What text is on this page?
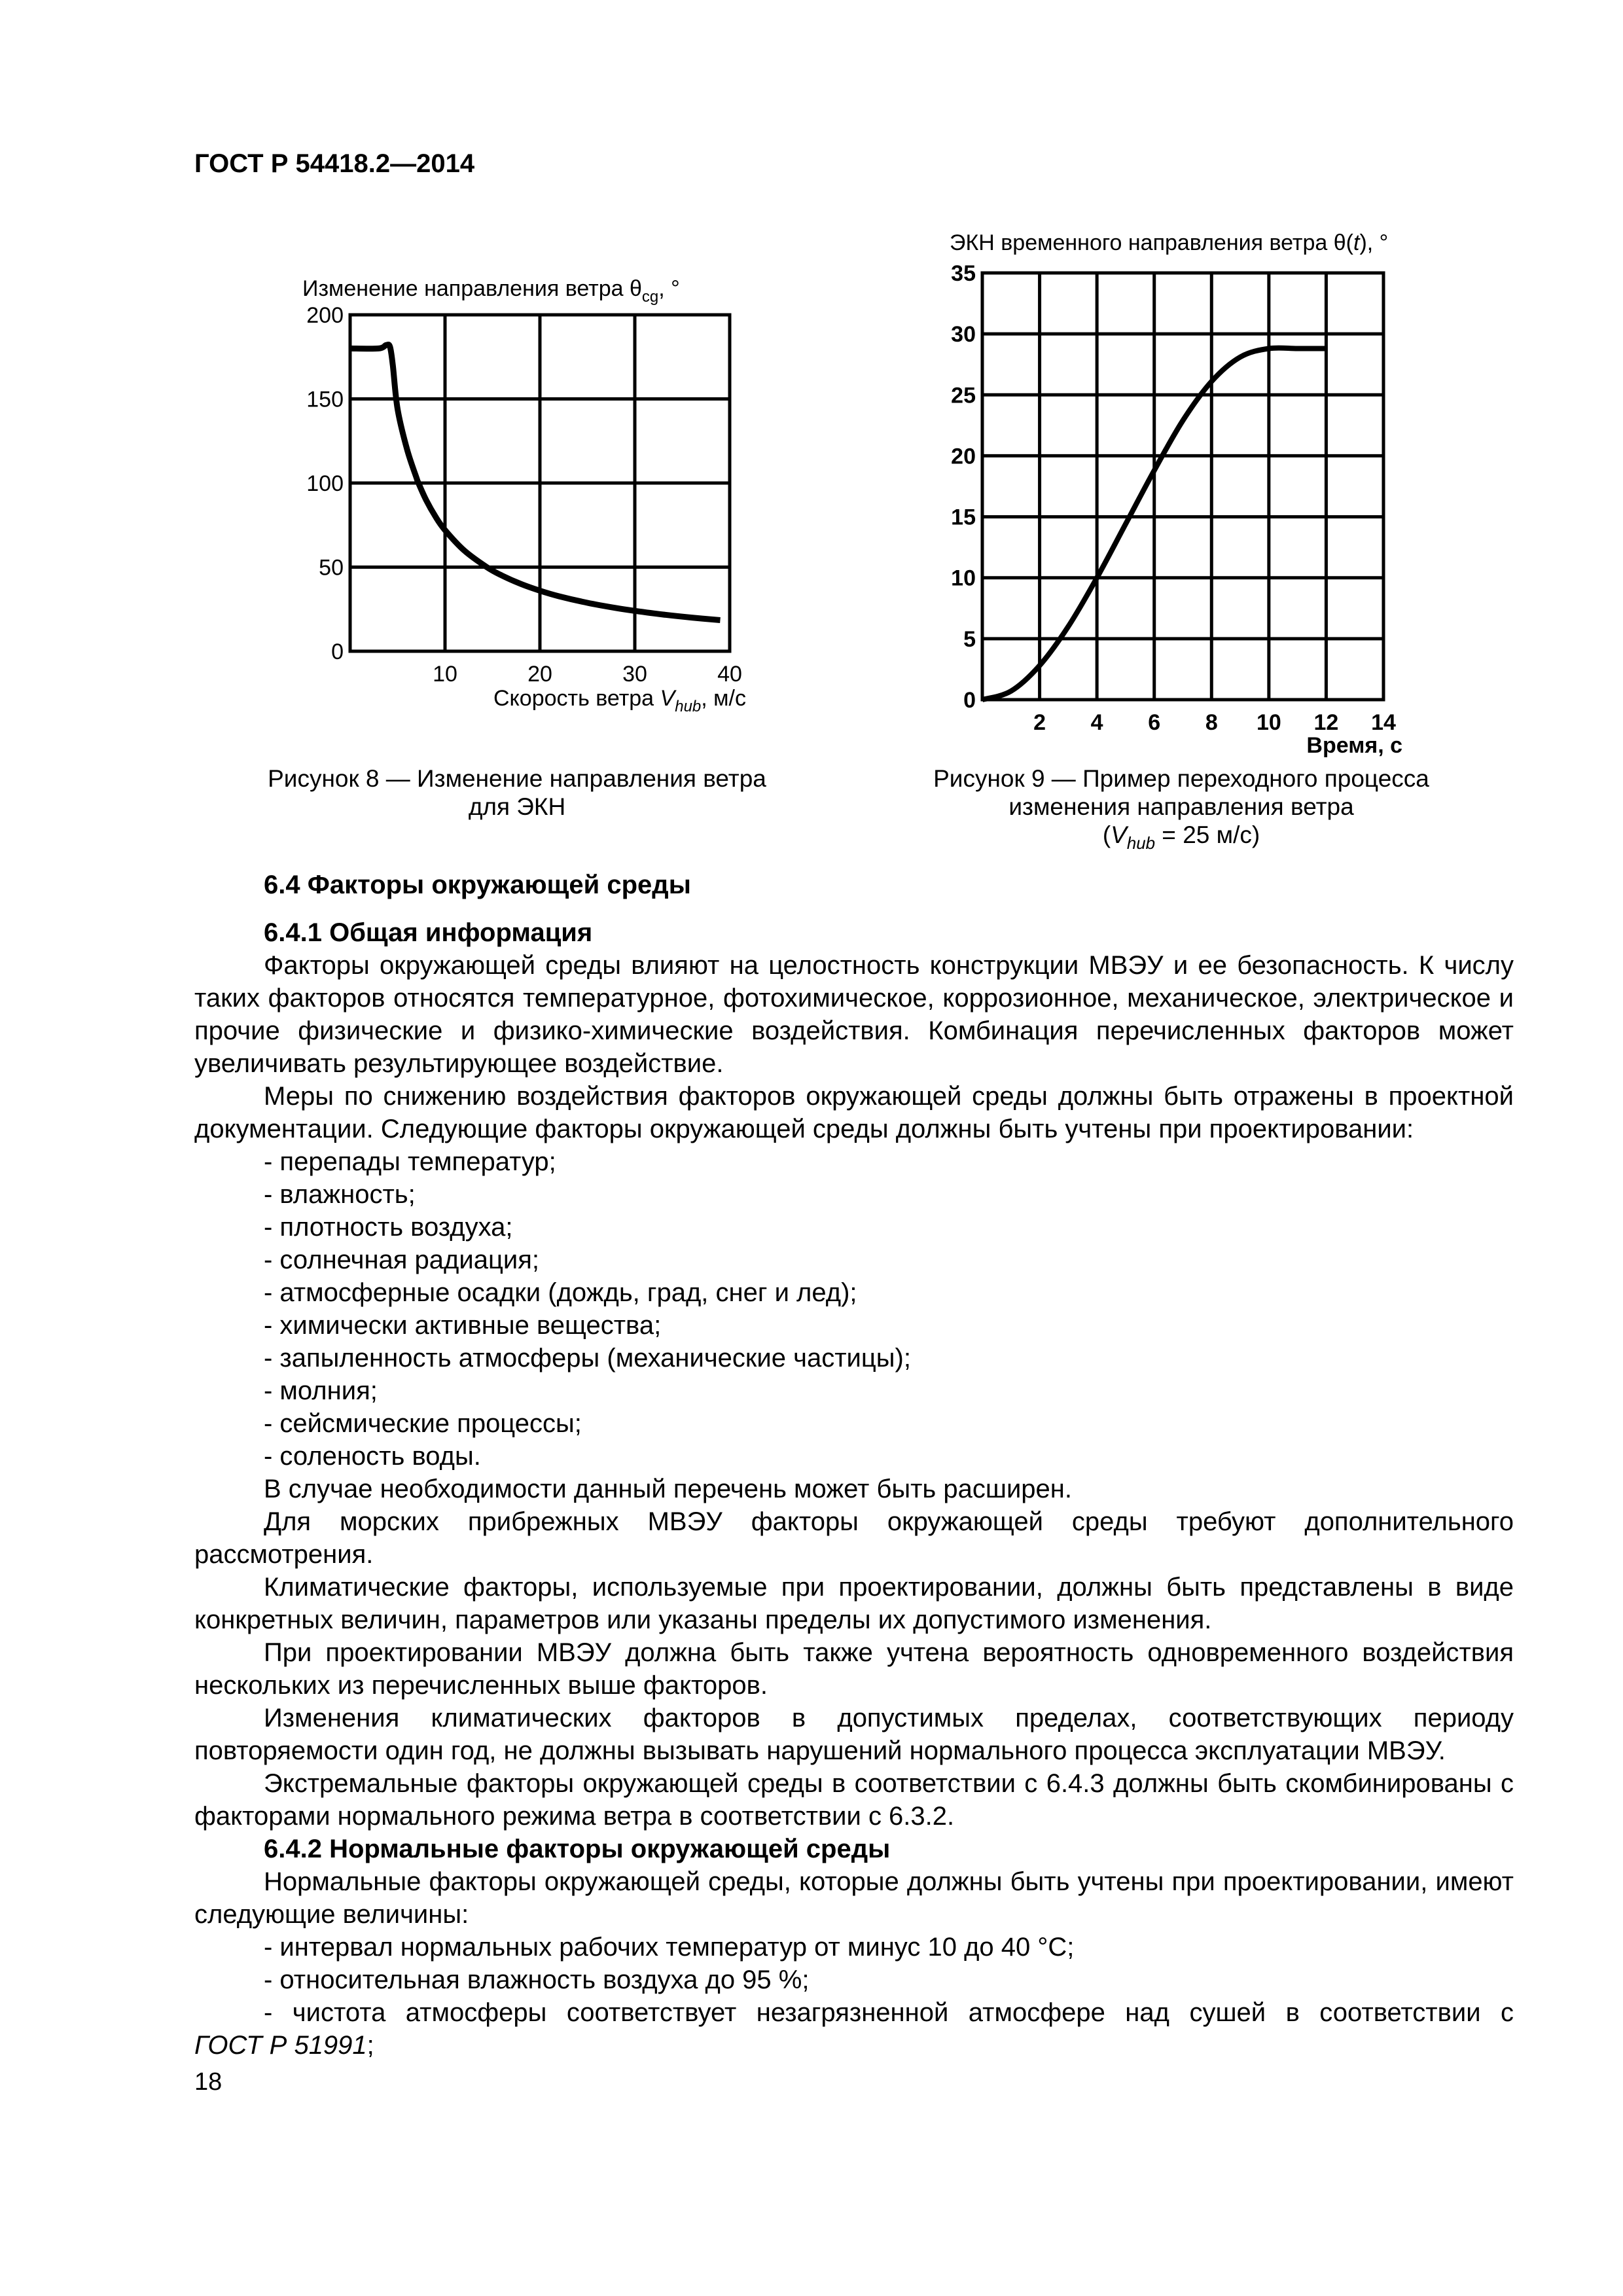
ГОСТ Р 54418.2—2014
Изменение направления ветра $\theta_{cg}$, °
0
50
100
150
200
10	20	30	40
Скорость ветра $V_{hub}$, м/с
ЭКН временного направления ветра θ(t), °
0
5
10
15
20
25
30
35
2 4 6 8 10 12 14
Время, с
Рисунок 8 — Изменение направления ветра
для ЭКН
Рисунок 9 — Пример переходного процесса
изменения направления ветра
($V_{hub} = 25$ м/с)
6.4 Факторы окружающей среды
6.4.1 Общая информация
Факторы окружающей среды влияют на целостность конструкции МВЭУ и ее безопасность. К числу таких факторов относятся температурное, фотохимическое, коррозионное, механическое, электрическое и прочие физические и физико-химические воздействия. Комбинация перечисленных факторов может увеличивать результирующее воздействие.
Меры по снижению воздействия факторов окружающей среды должны быть отражены в проектной документации. Следующие факторы окружающей среды должны быть учтены при проектировании:
- перепады температур;
- влажность;
- плотность воздуха;
- солнечная радиация;
- атмосферные осадки (дождь, град, снег и лед);
- химически активные вещества;
- запыленность атмосферы (механические частицы);
- молния;
- сейсмические процессы;
- соленость воды.
В случае необходимости данный перечень может быть расширен.
Для морских прибрежных МВЭУ факторы окружающей среды требуют дополнительного рассмотрения.
Климатические факторы, используемые при проектировании, должны быть представлены в виде конкретных величин, параметров или указаны пределы их допустимого изменения.
При проектировании МВЭУ должна быть также учтена вероятность одновременного воздействия нескольких из перечисленных выше факторов.
Изменения климатических факторов в допустимых пределах, соответствующих периоду повторяемости один год, не должны вызывать нарушений нормального процесса эксплуатации МВЭУ.
Экстремальные факторы окружающей среды в соответствии с 6.4.3 должны быть скомбинированы с факторами нормального режима ветра в соответствии с 6.3.2.
6.4.2 Нормальные факторы окружающей среды
Нормальные факторы окружающей среды, которые должны быть учтены при проектировании, имеют следующие величины:
- интервал нормальных рабочих температур от минус 10 до 40 °С;
- относительная влажность воздуха до 95 %;
- чистота атмосферы соответствует незагрязненной атмосфере над сушей в соответствии с
ГОСТ Р 51991;
18
